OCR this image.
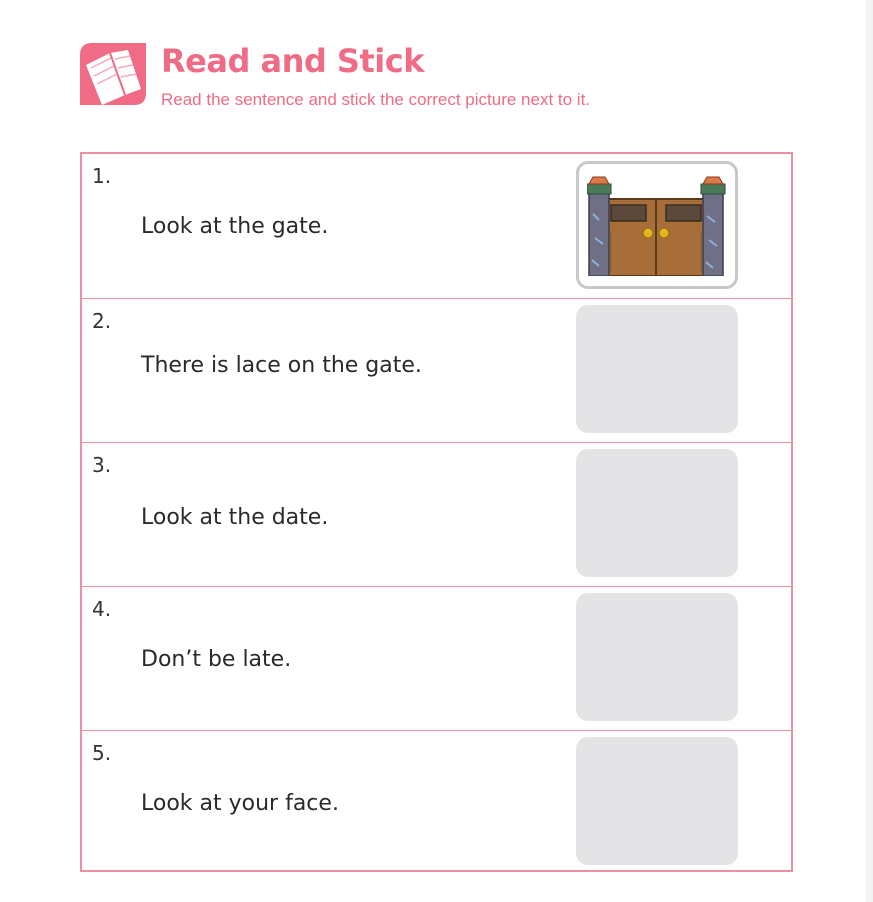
Read and Stick
Read the sentence and stick the correct picture next to it.
1.
Look at the gate.
2.
There is lace on the gate.
3.
Look at the date.
4.
Don’t be late.
5.
Look at your face.
